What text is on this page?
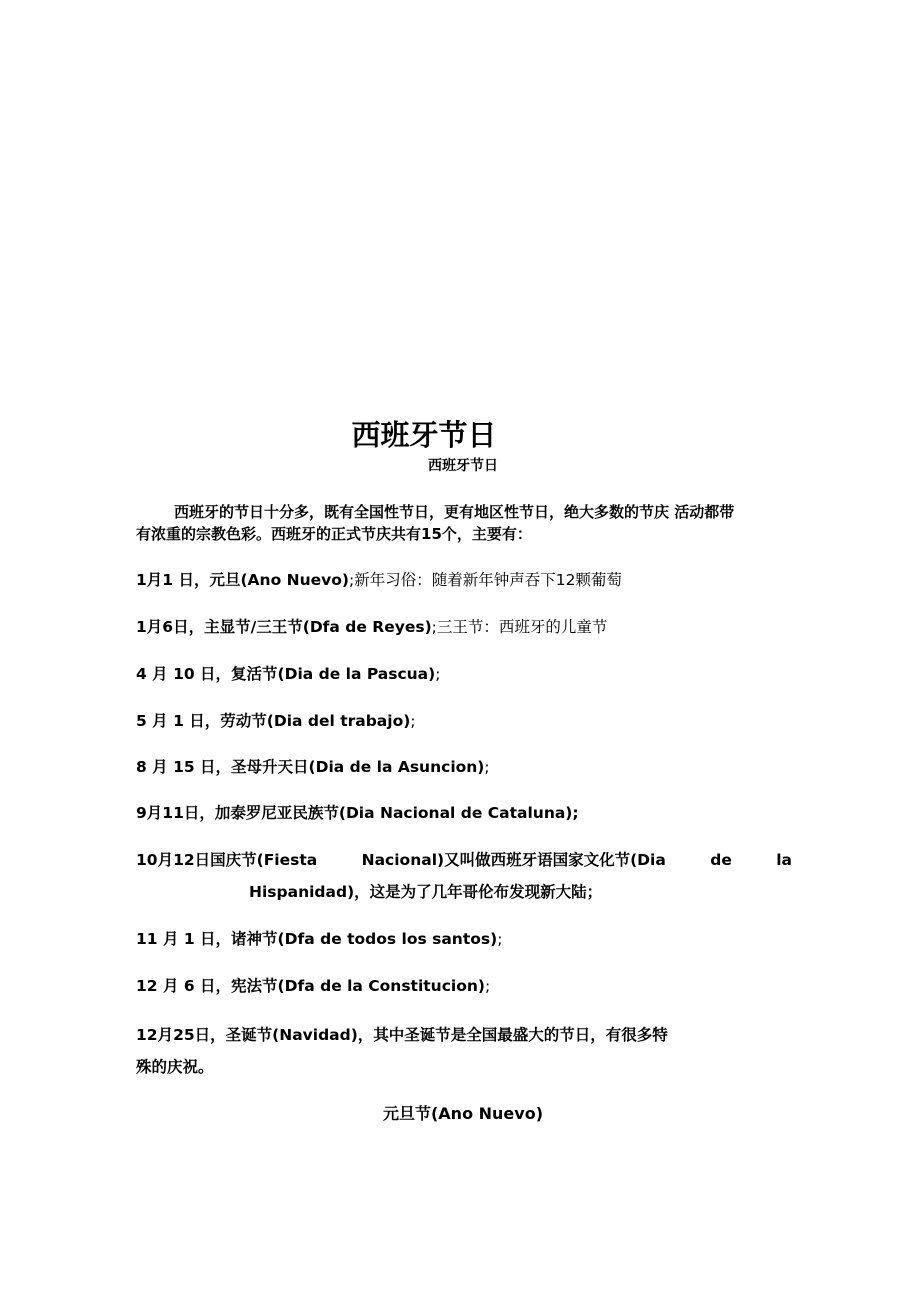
西班牙节日
西班牙节日
西班牙的节日十分多，既有全国性节日，更有地区性节日，绝大多数的节庆 活动都带
有浓重的宗教色彩。西班牙的正式节庆共有15个，主要有：
1月1 日，元旦(Ano Nuevo);新年习俗：随着新年钟声吞下12颗葡萄
1月6日，主显节/三王节(Dfa de Reyes);三王节：西班牙的儿童节
4 月 10 日，复活节(Dia de la Pascua);
5 月 1 日，劳动节(Dia del trabajo);
8 月 15 日，圣母升天日(Dia de la Asuncion);
9月11日，加泰罗尼亚民族节(Dia Nacional de Cataluna);
10月12日国庆节(Fiesta	Nacional)又叫做西班牙语国家文化节(Dia	de	la
Hispanidad)，这是为了几年哥伦布发现新大陆；
11 月 1 日，诸神节(Dfa de todos los santos);
12 月 6 日，宪法节(Dfa de la Constitucion);
12月25日，圣诞节(Navidad)，其中圣诞节是全国最盛大的节日，有很多特
殊的庆祝。
元旦节(Ano Nuevo)
